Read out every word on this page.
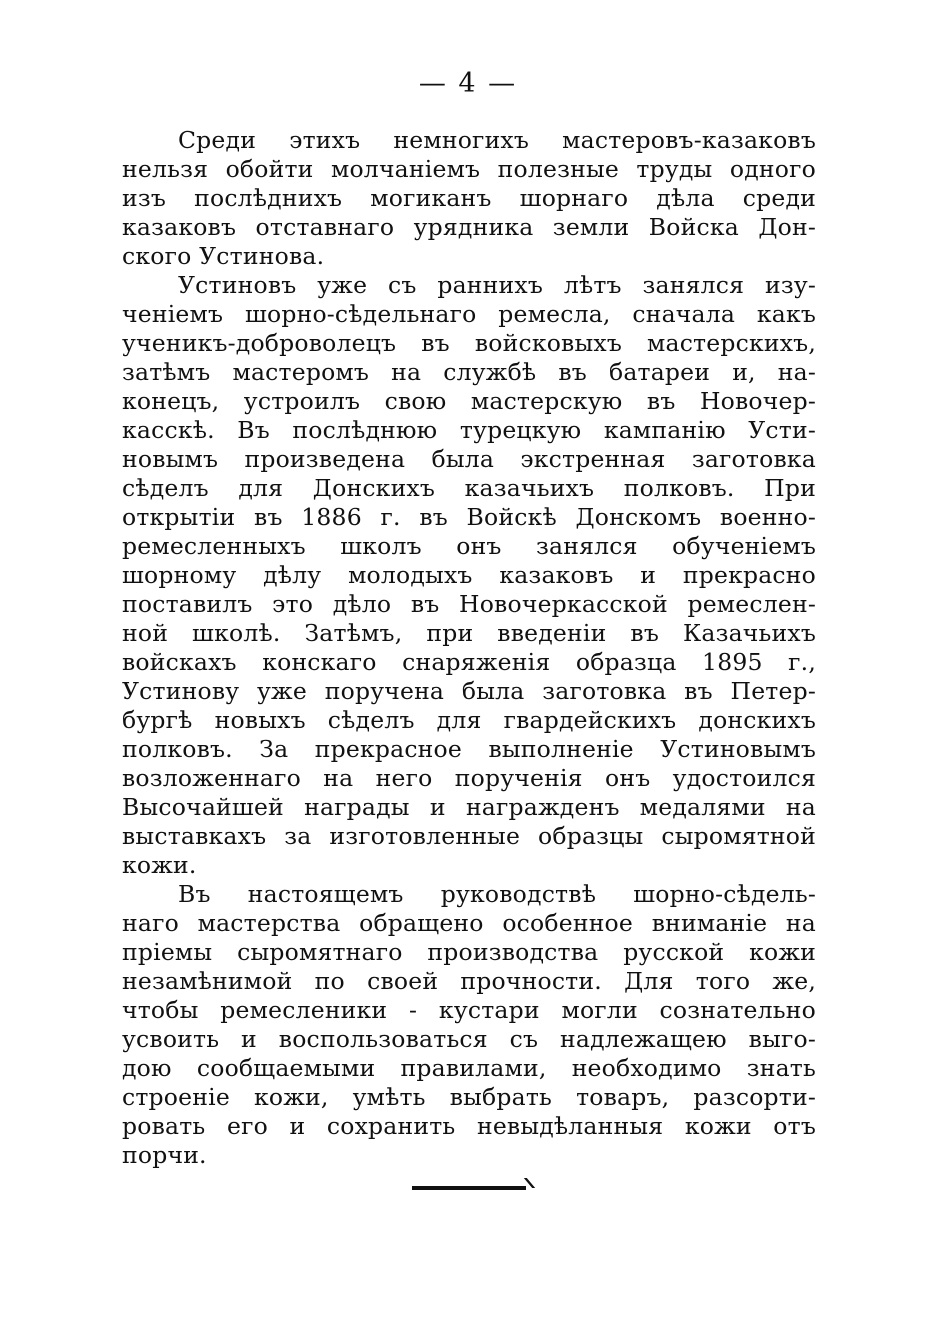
— 4 —
Среди этихъ немногихъ мастеровъ-казаковъ
нельзя обойти молчаніемъ полезные труды одного
изъ послѣднихъ могиканъ шорнаго дѣла среди
казаковъ отставнаго урядника земли Войска Дон-
ского Устинова.
Устиновъ уже съ раннихъ лѣтъ занялся изу-
ченіемъ шорно-сѣдельнаго ремесла, сначала какъ
ученикъ-доброволецъ въ войсковыхъ мастерскихъ,
затѣмъ мастеромъ на службѣ въ батареи и, на-
конецъ, устроилъ свою мастерскую въ Новочер-
касскѣ. Въ послѣднюю турецкую кампанію Усти-
новымъ произведена была экстренная заготовка
сѣделъ для Донскихъ казачьихъ полковъ. При
открытіи въ 1886 г. въ Войскѣ Донскомъ военно-
ремесленныхъ школъ онъ занялся обученіемъ
шорному дѣлу молодыхъ казаковъ и прекрасно
поставилъ это дѣло въ Новочеркасской ремеслен-
ной школѣ. Затѣмъ, при введеніи въ Казачьихъ
войскахъ конскаго снаряженія образца 1895 г.,
Устинову уже поручена была заготовка въ Петер-
бургѣ новыхъ сѣделъ для гвардейскихъ донскихъ
полковъ. За прекрасное выполненіе Устиновымъ
возложеннаго на него порученія онъ удостоился
Высочайшей награды и награжденъ медалями на
выставкахъ за изготовленные образцы сыромятной
кожи.
Въ настоящемъ руководствѣ шорно-сѣдель-
наго мастерства обращено особенное вниманіе на
пріемы сыромятнаго производства русской кожи
незамѣнимой по своей прочности. Для того же,
чтобы ремесленики - кустари могли сознательно
усвоить и воспользоваться съ надлежащею выго-
дою сообщаемыми правилами, необходимо знать
строеніе кожи, умѣть выбрать товаръ, разсорти-
ровать его и сохранить невыдѣланныя кожи отъ
порчи.
